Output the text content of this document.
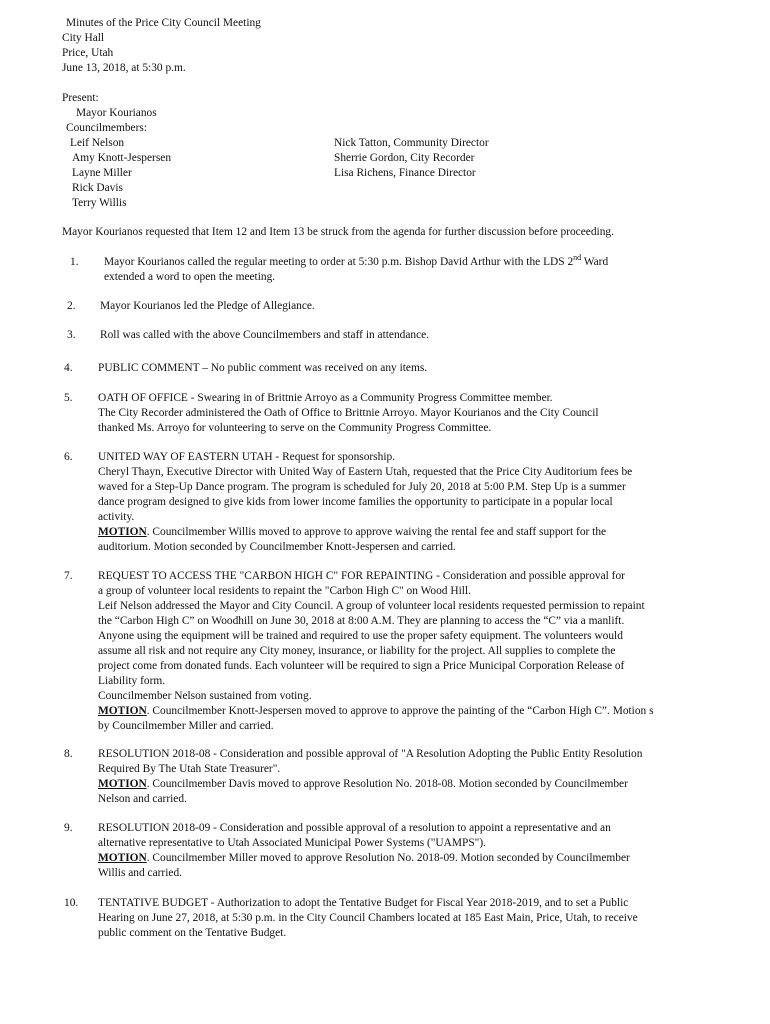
Minutes of the Price City Council Meeting
City Hall
Price, Utah
June 13, 2018, at 5:30 p.m.
Present:
Mayor Kourianos
Councilmembers:
Leif Nelson
Amy Knott-Jespersen
Layne Miller
Rick Davis
Terry Willis
Nick Tatton, Community Director
Sherrie Gordon, City Recorder
Lisa Richens, Finance Director
Mayor Kourianos requested that Item 12 and Item 13 be struck from the agenda for further discussion before proceeding.
1. Mayor Kourianos called the regular meeting to order at 5:30 p.m. Bishop David Arthur with the LDS 2nd Ward
extended a word to open the meeting.
2. Mayor Kourianos led the Pledge of Allegiance.
3. Roll was called with the above Councilmembers and staff in attendance.
4. PUBLIC COMMENT – No public comment was received on any items.
5. OATH OF OFFICE - Swearing in of Brittnie Arroyo as a Community Progress Committee member.
The City Recorder administered the Oath of Office to Brittnie Arroyo. Mayor Kourianos and the City Council
thanked Ms. Arroyo for volunteering to serve on the Community Progress Committee.
6. UNITED WAY OF EASTERN UTAH - Request for sponsorship.
Cheryl Thayn, Executive Director with United Way of Eastern Utah, requested that the Price City Auditorium fees be
waved for a Step-Up Dance program. The program is scheduled for July 20, 2018 at 5:00 P.M. Step Up is a summer
dance program designed to give kids from lower income families the opportunity to participate in a popular local
activity.
MOTION. Councilmember Willis moved to approve to approve waiving the rental fee and staff support for the
auditorium. Motion seconded by Councilmember Knott-Jespersen and carried.
7. REQUEST TO ACCESS THE "CARBON HIGH C" FOR REPAINTING - Consideration and possible approval for
a group of volunteer local residents to repaint the "Carbon High C" on Wood Hill.
Leif Nelson addressed the Mayor and City Council. A group of volunteer local residents requested permission to repaint
the “Carbon High C” on Woodhill on June 30, 2018 at 8:00 A.M. They are planning to access the “C” via a manlift.
Anyone using the equipment will be trained and required to use the proper safety equipment. The volunteers would
assume all risk and not require any City money, insurance, or liability for the project. All supplies to complete the
project come from donated funds. Each volunteer will be required to sign a Price Municipal Corporation Release of
Liability form.
Councilmember Nelson sustained from voting.
MOTION. Councilmember Knott-Jespersen moved to approve to approve the painting of the “Carbon High C”. Motion s
by Councilmember Miller and carried.
8. RESOLUTION 2018-08 - Consideration and possible approval of "A Resolution Adopting the Public Entity Resolution
Required By The Utah State Treasurer".
MOTION. Councilmember Davis moved to approve Resolution No. 2018-08. Motion seconded by Councilmember
Nelson and carried.
9. RESOLUTION 2018-09 - Consideration and possible approval of a resolution to appoint a representative and an
alternative representative to Utah Associated Municipal Power Systems ("UAMPS").
MOTION. Councilmember Miller moved to approve Resolution No. 2018-09. Motion seconded by Councilmember
Willis and carried.
10. TENTATIVE BUDGET - Authorization to adopt the Tentative Budget for Fiscal Year 2018-2019, and to set a Public
Hearing on June 27, 2018, at 5:30 p.m. in the City Council Chambers located at 185 East Main, Price, Utah, to receive
public comment on the Tentative Budget.
